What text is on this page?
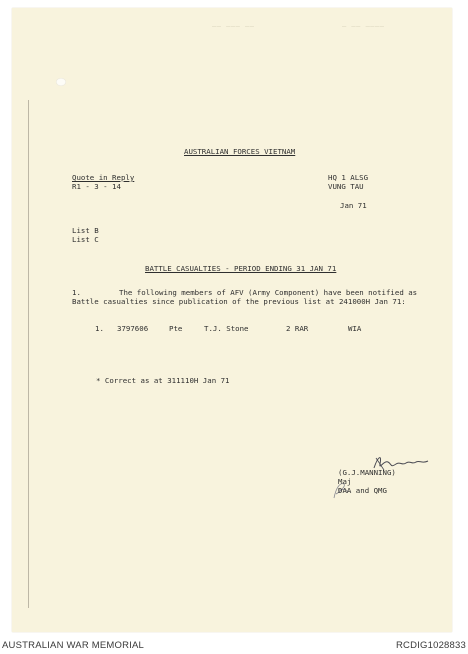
—— ——— ——	— —— ————
AUSTRALIAN FORCES VIETNAM
Quote in Reply
R1 - 3 - 14
HQ 1 ALSG
VUNG TAU
Jan 71
List B
List C
BATTLE CASUALTIES - PERIOD ENDING 31 JAN 71
1.	The following members of AFV (Army Component) have been notified as
Battle casualties since publication of the previous list at 241000H Jan 71:
1. 3797606	Pte	T.J. Stone	2 RAR	WIA
* Correct as at 311110H Jan 71
(G.J.MANNING)
Maj
DAA and QMG
AUSTRALIAN WAR MEMORIAL	RCDIG1028833
